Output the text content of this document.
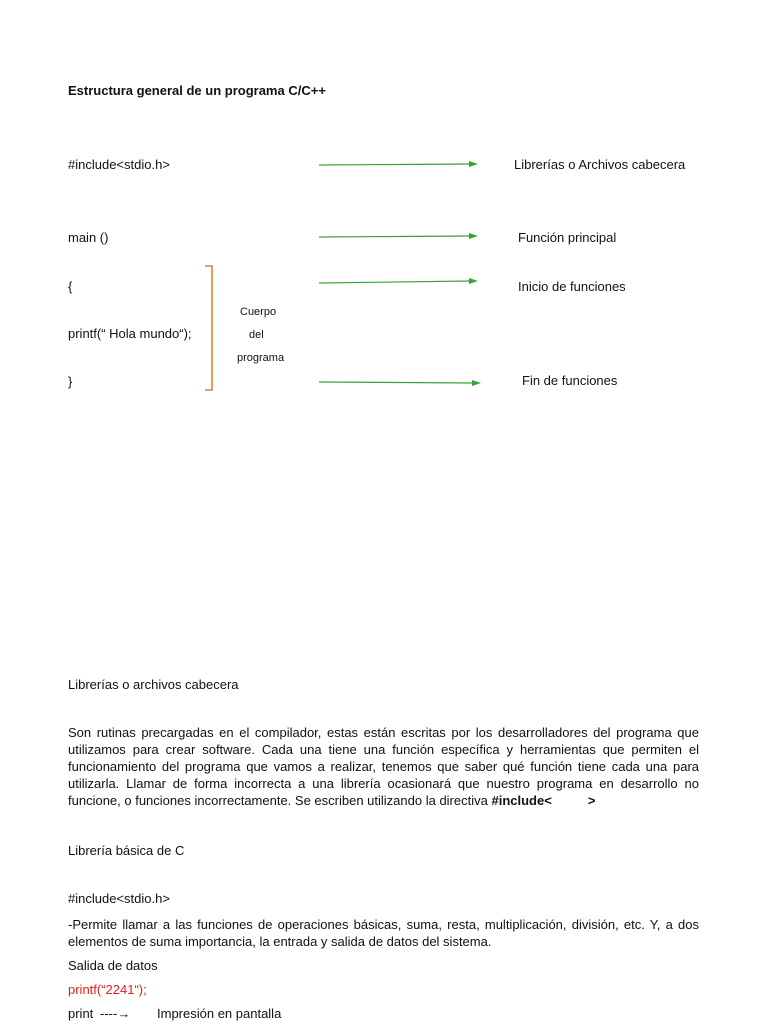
Estructura general de un programa C/C++
#include<stdio.h>
main ()
{
printf(“ Hola mundo“);
}
Cuerpo
del
programa
Librerías o Archivos cabecera
Función principal
Inicio de funciones
Fin de funciones
Librerías o archivos cabecera
Son rutinas precargadas en el compilador, estas están escritas por los desarrolladores del programa que utilizamos para crear software. Cada una tiene una función específica y herramientas que permiten el funcionamiento del programa que vamos a realizar, tenemos que saber qué función tiene cada una para utilizarla. Llamar de forma incorrecta a una librería ocasionará que nuestro programa en desarrollo no funcione, o funciones incorrectamente. Se escriben utilizando la directiva #include<	>
Librería básica de C
#include<stdio.h>
-Permite llamar a las funciones de operaciones básicas, suma, resta, multiplicación, división, etc. Y, a dos elementos de suma importancia, la entrada y salida de datos del sistema.
Salida de datos
printf(“2241“);
print ----→ Impresión en pantalla
